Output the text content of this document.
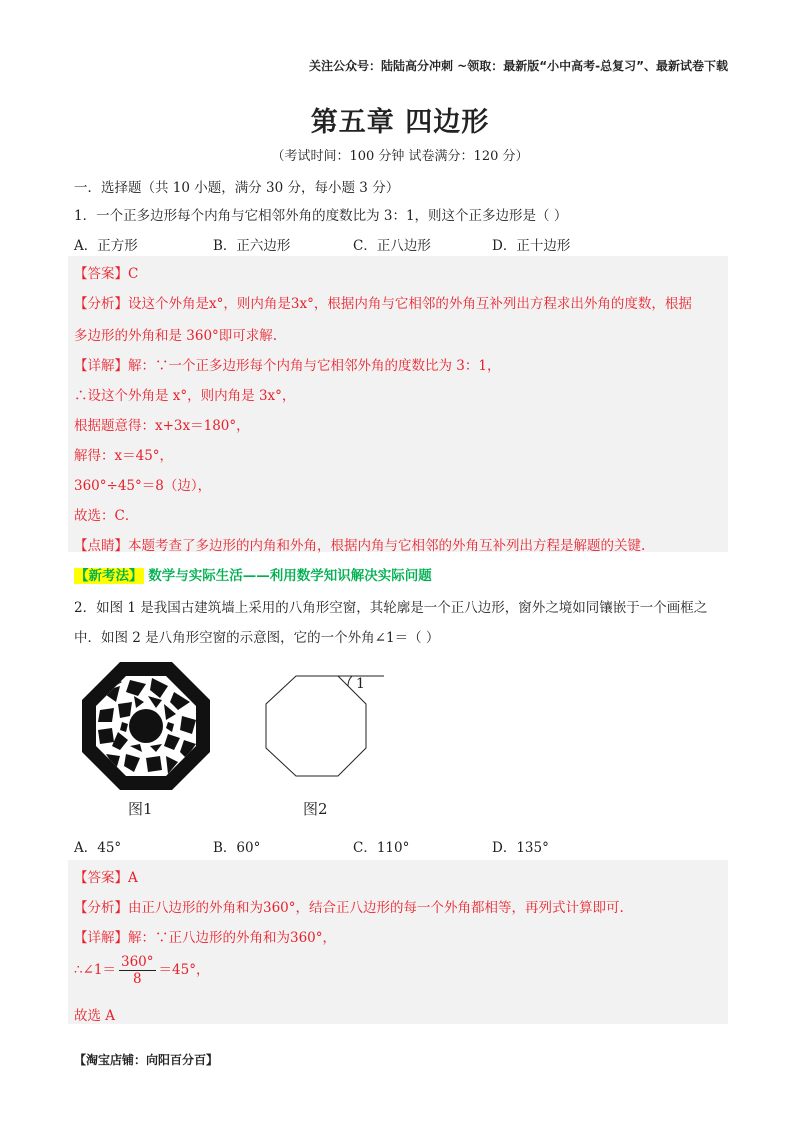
关注公众号：陆陆高分冲刺 ~领取：最新版“小中高考-总复习”、最新试卷下载
第五章 四边形
（考试时间：100 分钟 试卷满分：120 分）
一．选择题（共 10 小题，满分 30 分，每小题 3 分）
1．一个正多边形每个内角与它相邻外角的度数比为 3：1，则这个正多边形是（ ）
A．正方形	B．正六边形	C．正八边形	D．正十边形
【答案】C
【分析】设这个外角是x°，则内角是3x°，根据内角与它相邻的外角互补列出方程求出外角的度数，根据
多边形的外角和是 360°即可求解.
【详解】解：∵一个正多边形每个内角与它相邻外角的度数比为 3：1，
∴设这个外角是 x°，则内角是 3x°，
根据题意得：x+3x＝180°，
解得：x＝45°，
360°÷45°＝8（边），
故选：C．
【点睛】本题考查了多边形的内角和外角，根据内角与它相邻的外角互补列出方程是解题的关键.
【新考法】 数学与实际生活——利用数学知识解决实际问题
2．如图 1 是我国古建筑墙上采用的八角形空窗，其轮廓是一个正八边形，窗外之境如同镶嵌于一个画框之
中．如图 2 是八角形空窗的示意图，它的一个外角∠1＝（ ）
图1
1
图2
A．45°	B．60°	C．110°	D．135°
【答案】A
【分析】由正八边形的外角和为360°，结合正八边形的每一个外角都相等，再列式计算即可.
【详解】解：∵正八边形的外角和为360°，
∴∠1＝ $\frac{360^\circ}{8} =45^\circ$，
故选 A
【淘宝店铺：向阳百分百】
